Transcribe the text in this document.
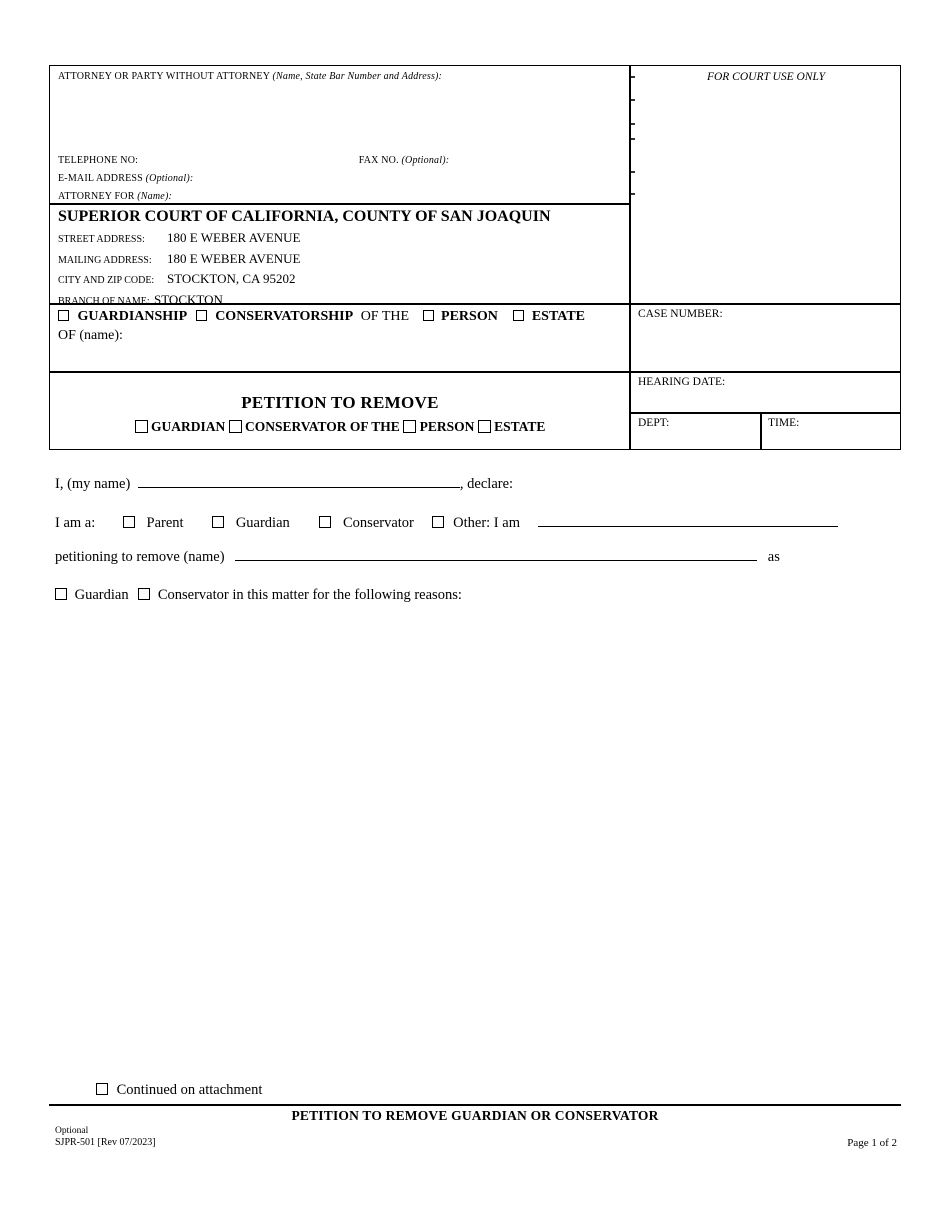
ATTORNEY OR PARTY WITHOUT ATTORNEY (Name, State Bar Number and Address):
TELEPHONE NO:	FAX NO. (Optional):
E-MAIL ADDRESS (Optional):
ATTORNEY FOR (Name):
FOR COURT USE ONLY
SUPERIOR COURT OF CALIFORNIA, COUNTY OF SAN JOAQUIN
STREET ADDRESS: 180 E WEBER AVENUE
MAILING ADDRESS: 180 E WEBER AVENUE
CITY AND ZIP CODE: STOCKTON, CA 95202
BRANCH OF NAME: STOCKTON
GUARDIANSHIP CONSERVATORSHIP OF THE PERSON ESTATE
OF (name):
CASE NUMBER:
HEARING DATE:
DEPT:	TIME:
PETITION TO REMOVE
GUARDIAN CONSERVATOR OF THE PERSON ESTATE
I, (my name)	, declare:
I am a:	Parent	Guardian	Conservator	Other: I am
petitioning to remove (name)	as
Guardian Conservator in this matter for the following reasons:
Continued on attachment
PETITION TO REMOVE GUARDIAN OR CONSERVATOR
Optional
SJPR-501 [Rev 07/2023]	Page 1 of 2
